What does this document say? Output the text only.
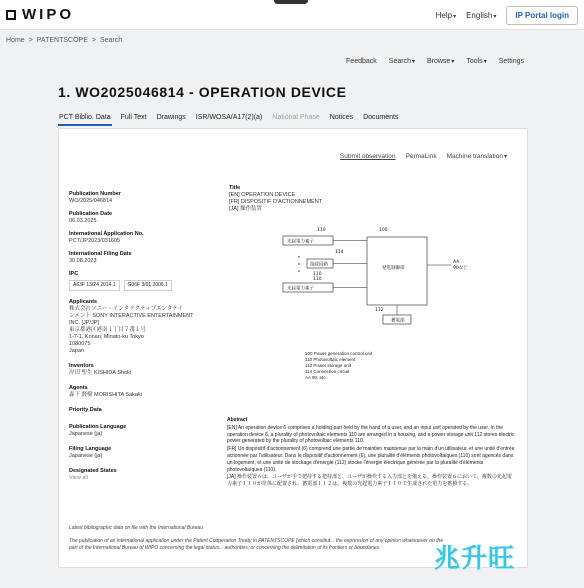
WIPO	Help▾ English▾	IP Portal login
Home > PATENTSCOPE > Search
Feedback Search▾ Browse▾ Tools▾ Settings
1. WO2025046814 - OPERATION DEVICE
PCT Biblio. Data Full Text Drawings ISR/WOSA/A17(2)(a) National Phase Notices Documents
Submit observation PermaLink Machine translation▾
Publication Number
WO/2025/046814
Publication Date
06.03.2025
International Application No.
PCT/JP2023/031605
International Filing Date
30.08.2023
IPC
A63F 13/24 2014.1	G06F 3/01 2006.1
Applicants
株式会社ソニー・インタラクティブエンタテイ
ンメント SONY INTERACTIVE ENTERTAINMENT
INC. [JP/JP]
東京都港区港南１丁目７番１号
1-7-1, Konan, Minato-ku Tokyo
1080075
Japan
Inventors
岸田 聖生 KISHIDA Shoki
Agents
森下 賢樹 MORISHITA Sakaki
Priority Data
Publication Language
Japanese (ja)
Filing Language
Japanese (ja)
Designated States
View all
Title
[EN] OPERATION DEVICE
[FR] DISPOSITIF D'ACTIONNEMENT
[JA] 操作装置
110	100
光起電力素子
発電制御部
114
接続回路
110
光起電力素子
110
AA
90など
112
蓄電部
100 Power generation control unit
110 Photovoltaic element
112 Power storage unit
114 Connection circuit
AA 90, etc.
Abstract

[EN] An operation device 6 comprises a holding part held by the hand of a user, and an input unit operated by the user. In the operation device 6, a plurality of photovoltaic elements 110 are arranged in a housing, and a power storage unit 112 stores electric power generated by the plurality of photovoltaic elements 110.

[FR] Un dispositif d'actionnement (6) comprend une partie de maintien maintenue par la main d'un utilisateur, et une unité d'entrée actionnée par l'utilisateur. Dans le dispositif d'actionnement (6), une pluralité d'éléments photovoltaïques (110) sont agencés dans un logement, et une unité de stockage d'énergie (112) stocke l'énergie électrique générée par la pluralité d'éléments photovoltaïques (110).

[JA] 操作装置６は、ユーザが手で把持する把持部と、ユーザが操作する入力部とを備える。操作装置６において、複数の光起電力素子１１０が筐体に配置され、蓄電部１１２は、複数の光起電力素子１１０で生成された電力を蓄積する。

Latest bibliographic data on file with the International Bureau
The publication of an international application under the Patent Cooperation Treaty in PATENTSCOPE [which constitut... the expression of any opinion whatsoever on the part of the International Bureau of WIPO concerning the legal status... authorities, or concerning the delimitation of its frontiers or boundaries.	兆升旺
